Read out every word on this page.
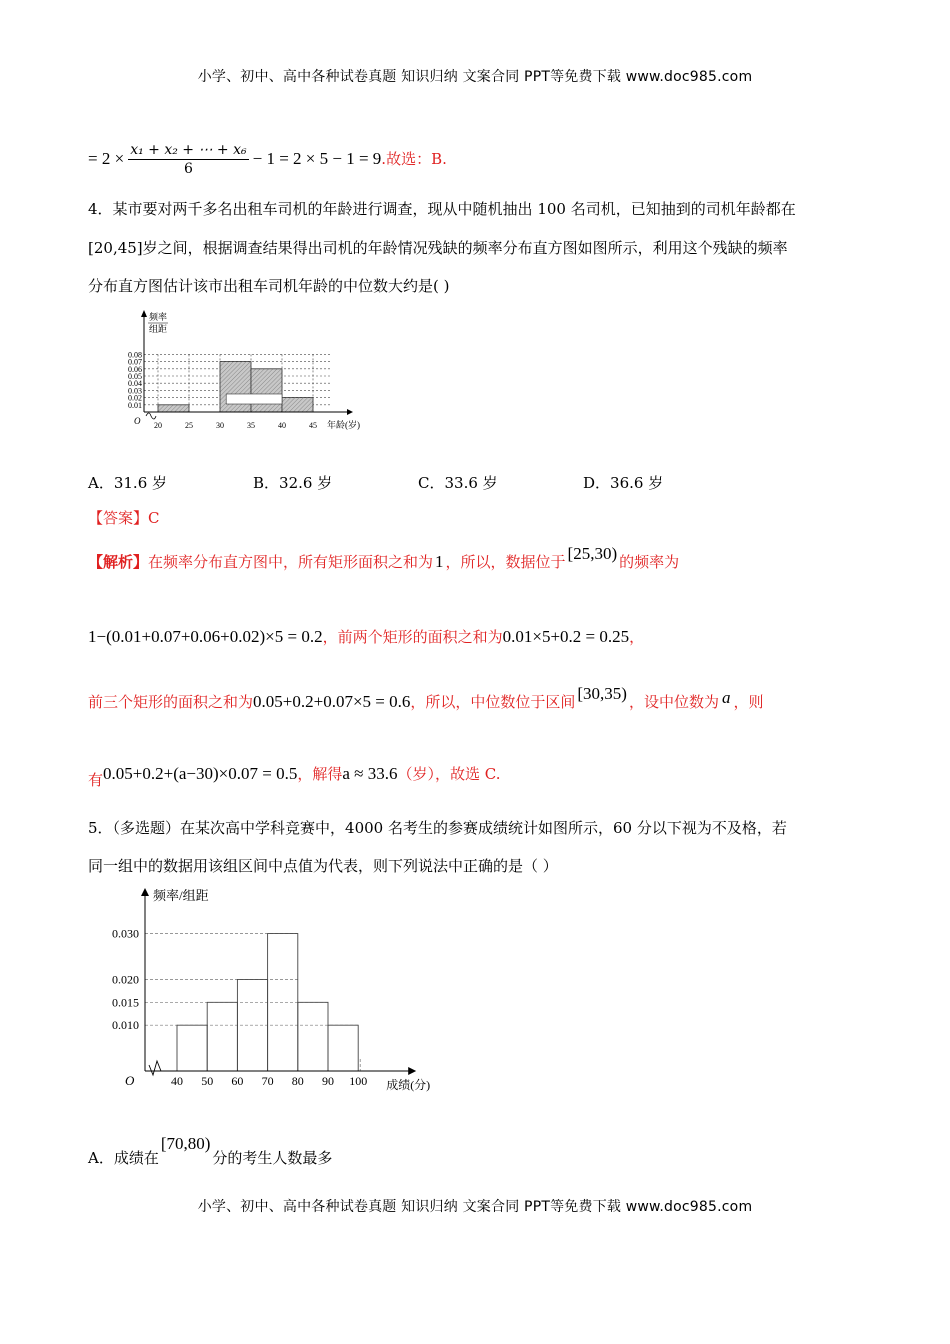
小学、初中、高中各种试卷真题 知识归纳 文案合同 PPT等免费下载 www.doc985.com
= $2 \times \frac{\text{x₁ + x₂ + ⋯ + x₆}}{6} - 1 = 2 \times 5 - 1 = 9$ .故选：B.
4．某市要对两千多名出租车司机的年龄进行调查，现从中随机抽出 100 名司机，已知抽到的司机年龄都在
[20,45]岁之间，根据调查结果得出司机的年龄情况残缺的频率分布直方图如图所示，利用这个残缺的频率
分布直方图估计该市出租车司机年龄的中位数大约是( )
0.01
0.02
0.03
0.04
0.05
0.06
0.07
0.08
20	25	30	35	40	45
频率
组距
O	年龄(岁)
A．31.6 岁	B．32.6 岁	C．33.6 岁	D．36.6 岁
【答案】C
【解析】 在频率分布直方图中，所有矩形面积之和为 1 ，所以，数据位于 [25,30) 的频率为
1−(0.01+0.07+0.06+0.02)×5 = 0.2 ，前两个矩形的面积之和为 0.01×5+0.2 = 0.25 ，
前三个矩形的面积之和为 0.05+0.2+0.07×5 = 0.6 ，所以，中位数位于区间 [30,35) ，设中位数为 a ，则
有 0.05+0.2+(a−30)×0.07 = 0.5 ，解得 a ≈ 33.6 （岁），故选 C.
5．（多选题）在某次高中学科竞赛中，4000 名考生的参赛成绩统计如图所示，60 分以下视为不及格，若
同一组中的数据用该组区间中点值为代表，则下列说法中正确的是（ ）
0.010
0.015
0.020
0.030
40 50 60 70 80 90 100
O
频率/组距
成绩(分)
A．成绩在
[70,80)
分的考生人数最多
小学、初中、高中各种试卷真题 知识归纳 文案合同 PPT等免费下载 www.doc985.com
